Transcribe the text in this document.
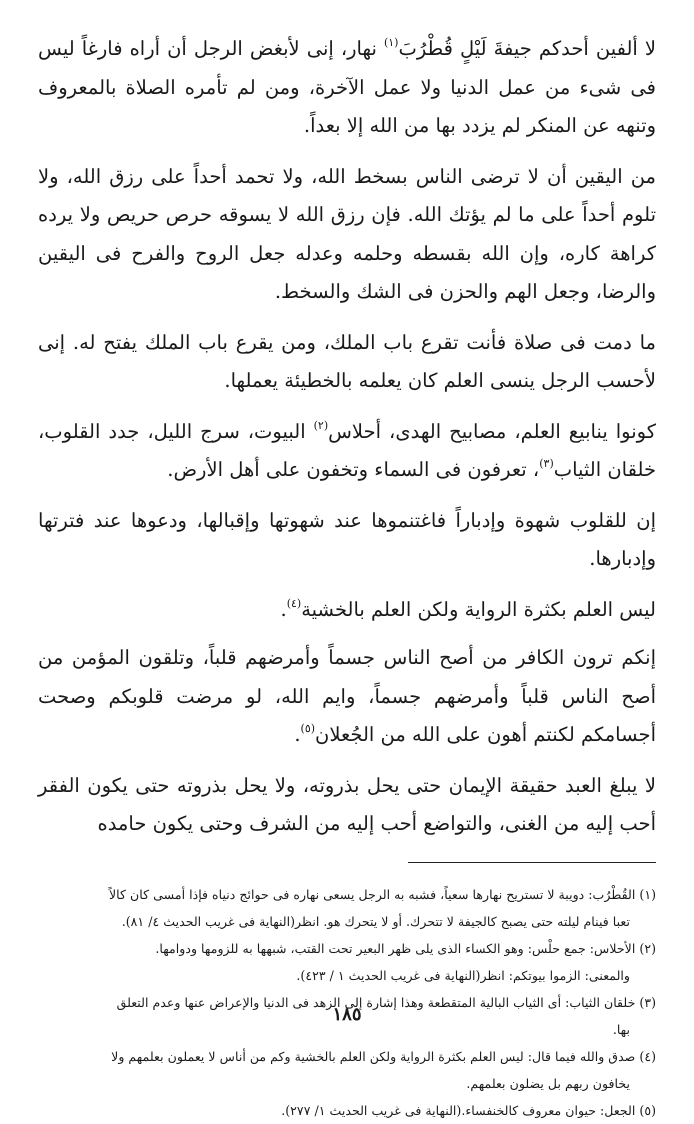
لا ألفين أحدكم جيفةَ لَيْلٍ قُطْرُبَ$^{(١)}$ نهار، إنى لأبغض الرجل أن أراه فارغاً ليس فى شىء من عمل الدنيا ولا عمل الآخرة، ومن لم تأمره الصلاة بالمعروف وتنهه عن المنكر لم يزدد بها من الله إلا بعداً.

من اليقين أن لا ترضى الناس بسخط الله، ولا تحمد أحداً على رزق الله، ولا تلوم أحداً على ما لم يؤتك الله. فإن رزق الله لا يسوقه حرص حريص ولا يرده كراهة كاره، وإن الله بقسطه وحلمه وعدله جعل الروح والفرح فى اليقين والرضا، وجعل الهم والحزن فى الشك والسخط.

ما دمت فى صلاة فأنت تقرع باب الملك، ومن يقرع باب الملك يفتح له. إنى لأحسب الرجل ينسى العلم كان يعلمه بالخطيئة يعملها.

كونوا ينابيع العلم، مصابيح الهدى، أحلاس$^{(٢)}$ البيوت، سرج الليل، جدد القلوب، خلقان الثياب$^{(٣)}$، تعرفون فى السماء وتخفون على أهل الأرض.

إن للقلوب شهوة وإدباراً فاغتنموها عند شهوتها وإقبالها، ودعوها عند فترتها وإدبارها.

ليس العلم بكثرة الرواية ولكن العلم بالخشية$^{(٤)}$.

إنكم ترون الكافر من أصح الناس جسماً وأمرضهم قلباً، وتلقون المؤمن من أصح الناس قلباً وأمرضهم جسماً، وايم الله، لو مرضت قلوبكم وصحت أجسامكم لكنتم أهون على الله من الجُعلان$^{(٥)}$.

لا يبلغ العبد حقيقة الإيمان حتى يحل بذروته، ولا يحل بذروته حتى يكون الفقر أحب إليه من الغنى، والتواضع أحب إليه من الشرف وحتى يكون حامده

(١) القُطْرُب: دويبة لا تستريح نهارها سعياً، فشبه به الرجل يسعى نهاره فى حوائج دنياه فإذا أمسى كان كالاً
تعبا فينام ليلته حتى يصبح كالجيفة لا تتحرك. أو لا يتحرك هو. انظر(النهاية فى غريب الحديث ٤/ ٨١).

(٢) الأحلاس: جمع حلْس: وهو الكساء الذى يلى ظهر البعير تحت القتب، شبهها به للزومها ودوامها.
والمعنى: الزموا بيوتكم: انظر(النهاية فى غريب الحديث ١ / ٤٢٣).

(٣) خلقان الثياب: أى الثياب البالية المتقطعة وهذا إشارة إلى الزهد فى الدنيا والإعراض عنها وعدم التعلق
بها.

(٤) صدق والله فيما قال: ليس العلم بكثرة الرواية ولكن العلم بالخشية وكم من أناس لا يعملون بعلمهم ولا
يخافون ربهم بل يضلون بعلمهم.

(٥) الجعل: حيوان معروف كالخنفساء.(النهاية فى غريب الحديث ١/ ٢٧٧).

١٨٥
